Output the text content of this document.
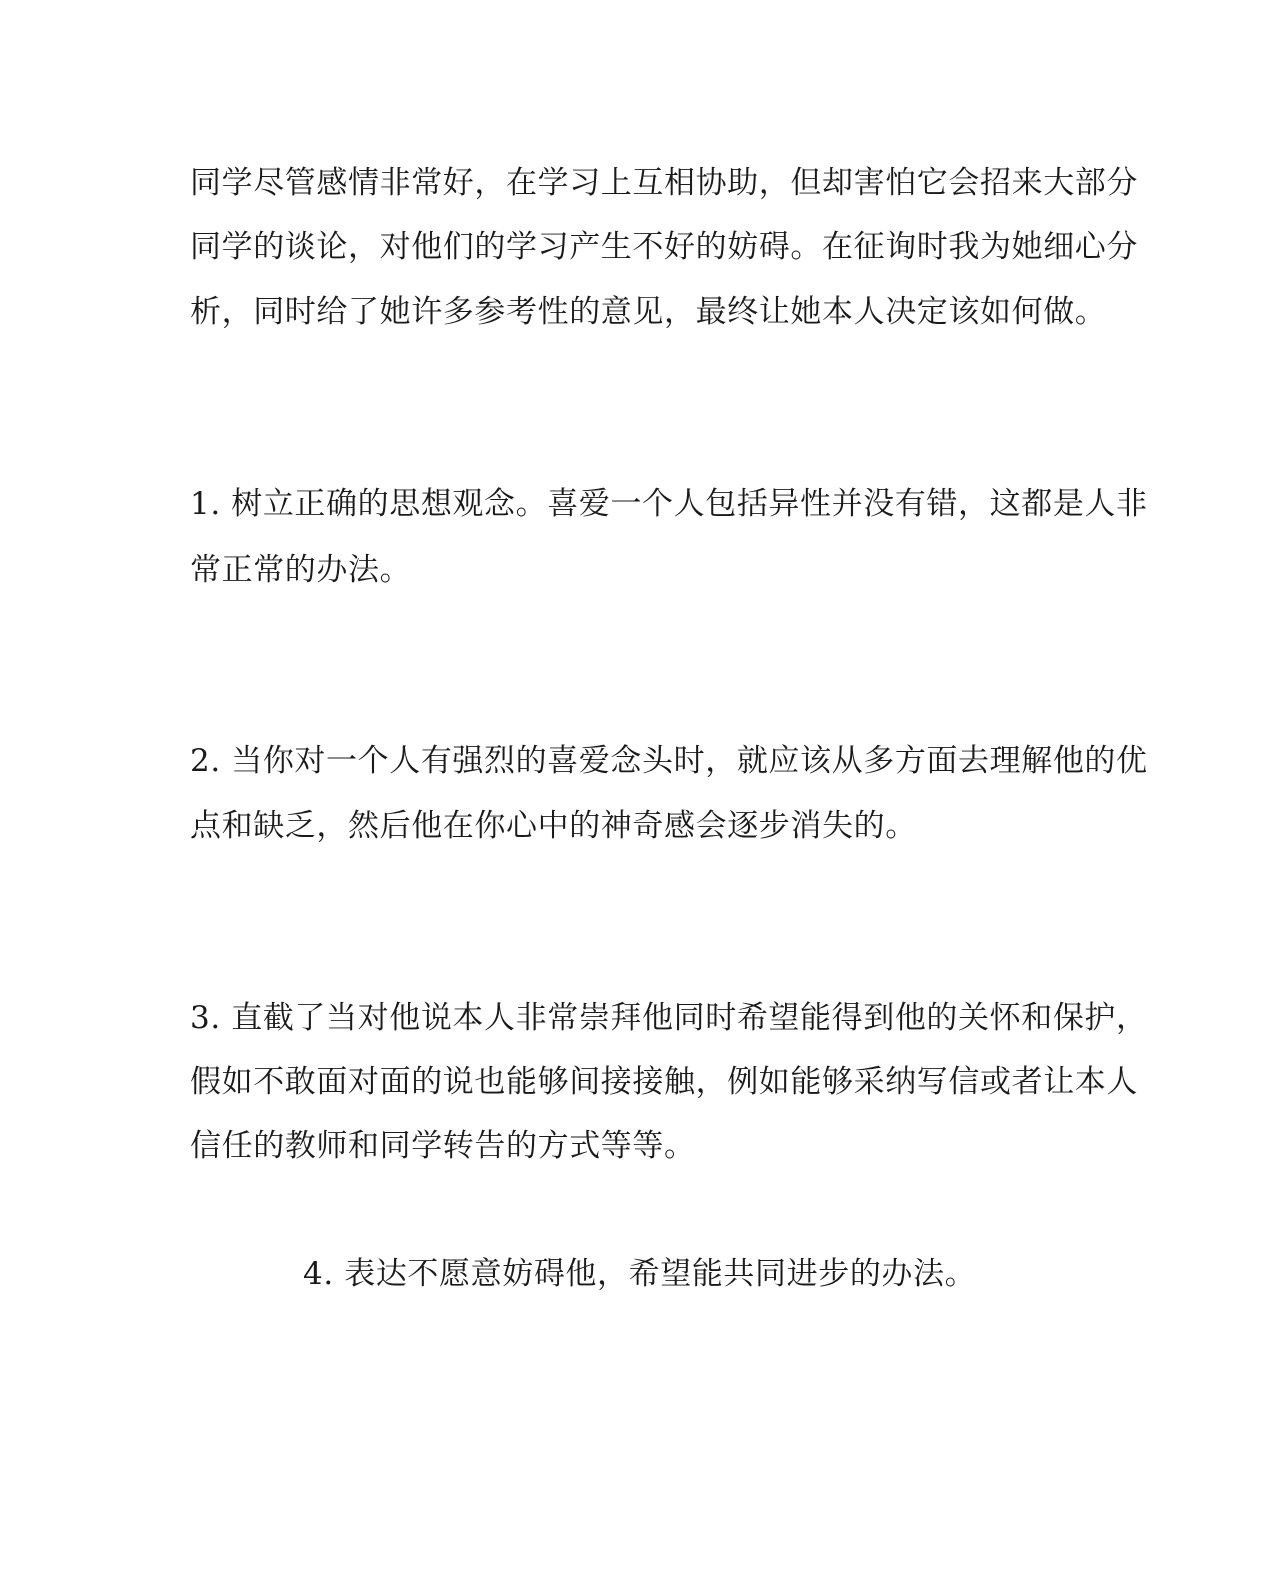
同学尽管感情非常好，在学习上互相协助，但却害怕它会招来大部分
同学的谈论，对他们的学习产生不好的妨碍。在征询时我为她细心分
析，同时给了她许多参考性的意见，最终让她本人决定该如何做。
1. 树立正确的思想观念。喜爱一个人包括异性并没有错，这都是人非
常正常的办法。
2. 当你对一个人有强烈的喜爱念头时，就应该从多方面去理解他的优
点和缺乏，然后他在你心中的神奇感会逐步消失的。
3. 直截了当对他说本人非常崇拜他同时希望能得到他的关怀和保护，
假如不敢面对面的说也能够间接接触，例如能够采纳写信或者让本人
信任的教师和同学转告的方式等等。
4. 表达不愿意妨碍他，希望能共同进步的办法。
